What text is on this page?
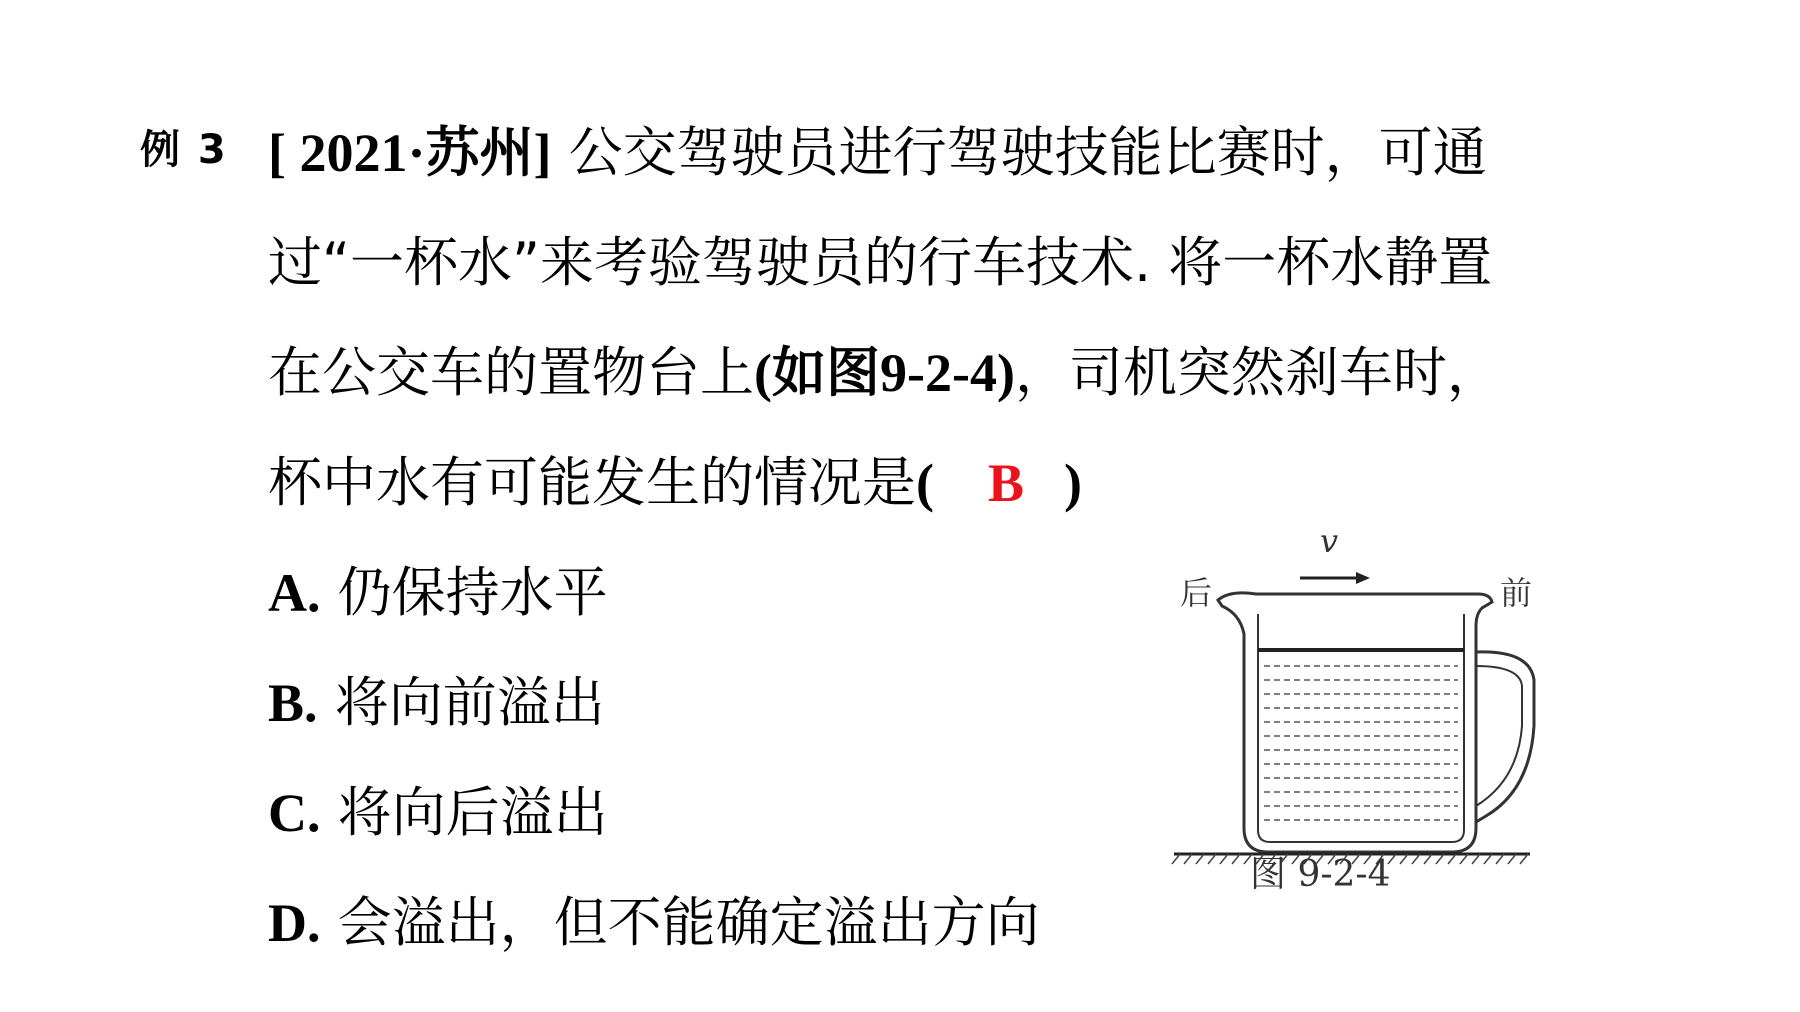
例 3 [ 2021·苏州] 公交驾驶员进行驾驶技能比赛时，可通
过“一杯水”来考验驾驶员的行车技术. 将一杯水静置
在公交车的置物台上(如图9-2-4)，司机突然刹车时，
杯中水有可能发生的情况是( B )
A. 仍保持水平
B. 将向前溢出
C. 将向后溢出
D. 会溢出，但不能确定溢出方向
v
后	前
图 9-2-4
